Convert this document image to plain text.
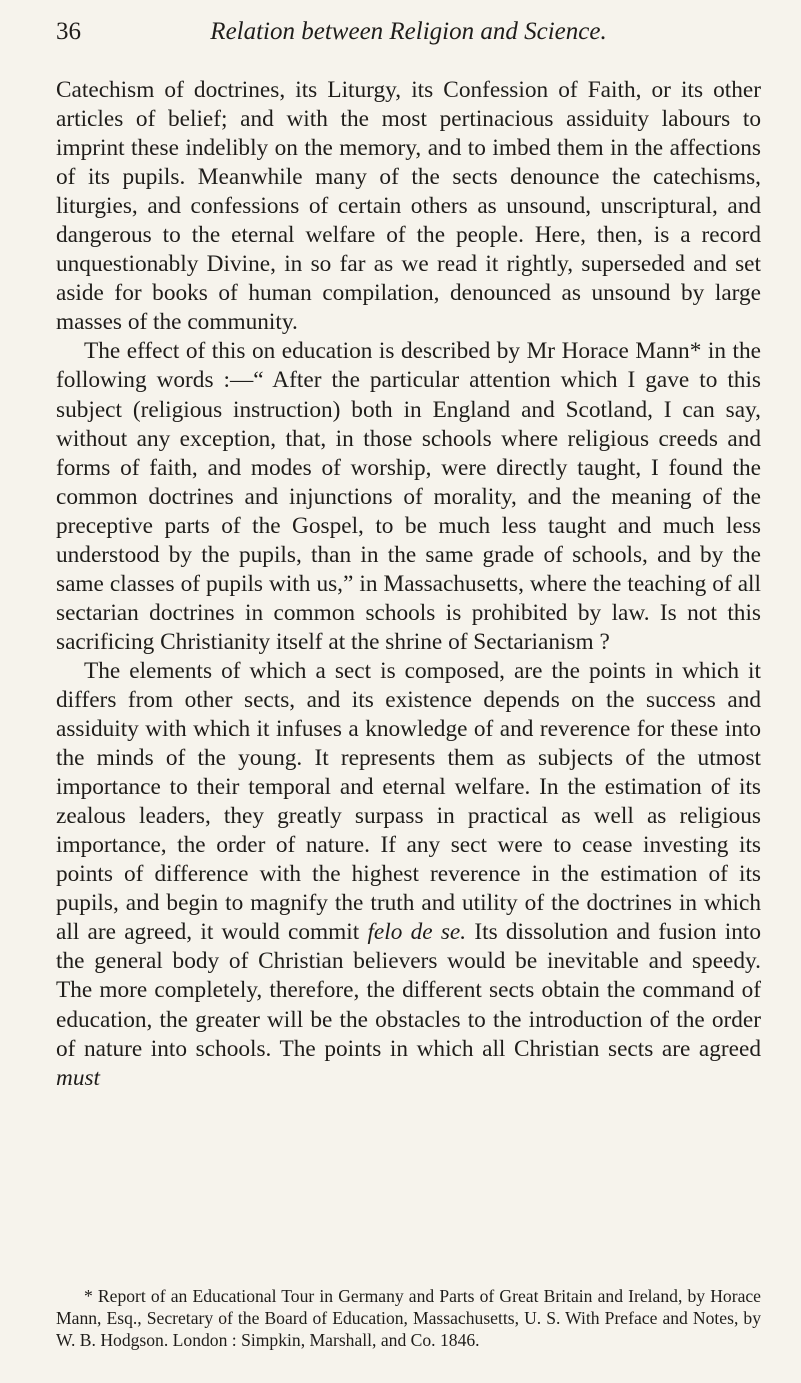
36	Relation between Religion and Science.

Catechism of doctrines, its Liturgy, its Confession of Faith, or its other articles of belief; and with the most pertinacious assiduity labours to imprint these indelibly on the memory, and to imbed them in the affections of its pupils. Meanwhile many of the sects denounce the catechisms, liturgies, and confessions of certain others as unsound, unscriptural, and dangerous to the eternal welfare of the people. Here, then, is a record unquestionably Divine, in so far as we read it rightly, superseded and set aside for books of human compilation, denounced as unsound by large masses of the community.

The effect of this on education is described by Mr Horace Mann* in the following words :—“ After the particular attention which I gave to this subject (religious instruction) both in England and Scotland, I can say, without any exception, that, in those schools where religious creeds and forms of faith, and modes of worship, were directly taught, I found the common doctrines and injunctions of morality, and the meaning of the preceptive parts of the Gospel, to be much less taught and much less understood by the pupils, than in the same grade of schools, and by the same classes of pupils with us,” in Massachusetts, where the teaching of all sectarian doctrines in common schools is prohibited by law. Is not this sacrificing Christianity itself at the shrine of Sectarianism ?

The elements of which a sect is composed, are the points in which it differs from other sects, and its existence depends on the success and assiduity with which it infuses a knowledge of and reverence for these into the minds of the young. It represents them as subjects of the utmost importance to their temporal and eternal welfare. In the estimation of its zealous leaders, they greatly surpass in practical as well as religious importance, the order of nature. If any sect were to cease investing its points of difference with the highest reverence in the estimation of its pupils, and begin to magnify the truth and utility of the doctrines in which all are agreed, it would commit felo de se. Its dissolution and fusion into the general body of Christian believers would be inevitable and speedy. The more completely, therefore, the different sects obtain the command of education, the greater will be the obstacles to the introduction of the order of nature into schools. The points in which all Christian sects are agreed must

* Report of an Educational Tour in Germany and Parts of Great Britain and Ireland, by Horace Mann, Esq., Secretary of the Board of Education, Massachusetts, U. S. With Preface and Notes, by W. B. Hodgson. London : Simpkin, Marshall, and Co. 1846.
